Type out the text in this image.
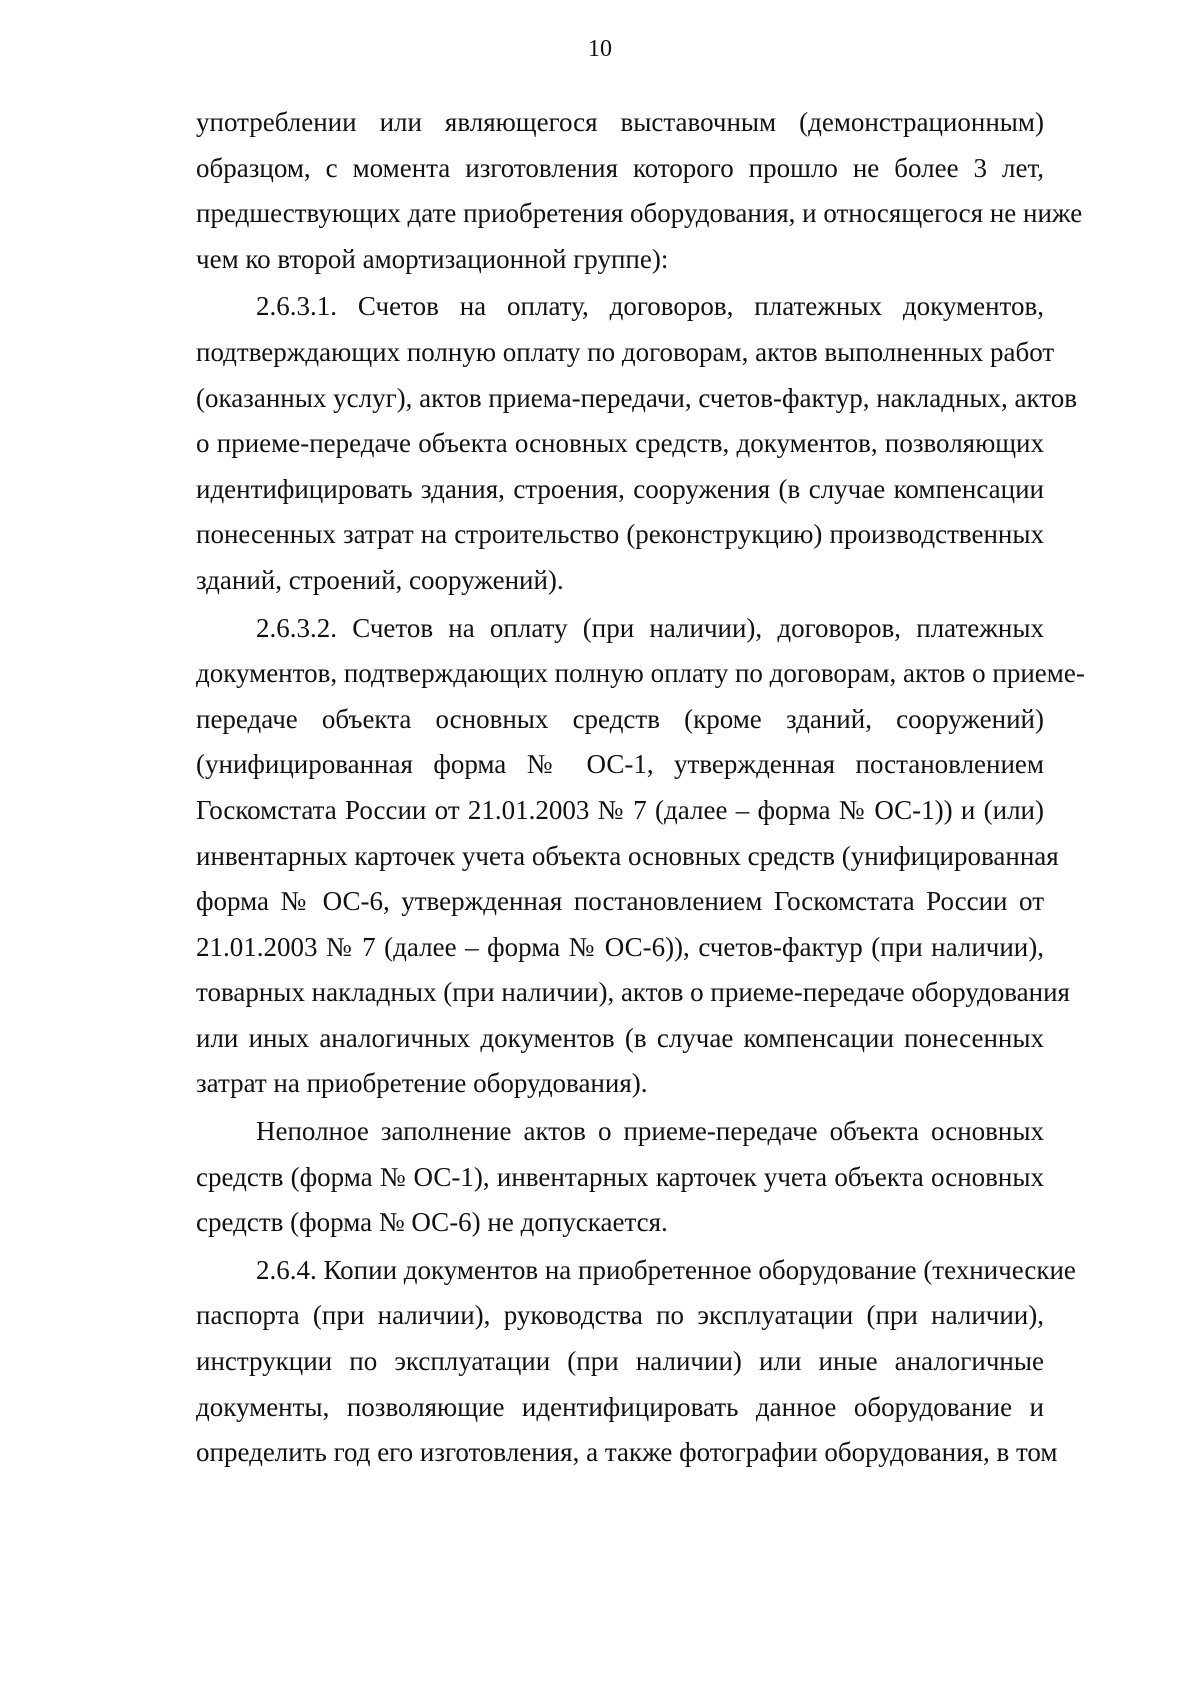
10
употреблении или являющегося выставочным (демонстрационным)
образцом, с момента изготовления которого прошло не более 3 лет,
предшествующих дате приобретения оборудования, и относящегося не ниже
чем ко второй амортизационной группе):
2.6.3.1. Счетов на оплату, договоров, платежных документов,
подтверждающих полную оплату по договорам, актов выполненных работ
(оказанных услуг), актов приема-передачи, счетов-фактур, накладных, актов
о приеме-передаче объекта основных средств, документов, позволяющих
идентифицировать здания, строения, сооружения (в случае компенсации
понесенных затрат на строительство (реконструкцию) производственных
зданий, строений, сооружений).
2.6.3.2. Счетов на оплату (при наличии), договоров, платежных
документов, подтверждающих полную оплату по договорам, актов о приеме-
передаче объекта основных средств (кроме зданий, сооружений)
(унифицированная форма № ОС-1, утвержденная постановлением
Госкомстата России от 21.01.2003 № 7 (далее – форма № ОС-1)) и (или)
инвентарных карточек учета объекта основных средств (унифицированная
форма № ОС-6, утвержденная постановлением Госкомстата России от
21.01.2003 № 7 (далее – форма № ОС-6)), счетов-фактур (при наличии),
товарных накладных (при наличии), актов о приеме-передаче оборудования
или иных аналогичных документов (в случае компенсации понесенных
затрат на приобретение оборудования).
Неполное заполнение актов о приеме-передаче объекта основных
средств (форма № ОС-1), инвентарных карточек учета объекта основных
средств (форма № ОС-6) не допускается.
2.6.4. Копии документов на приобретенное оборудование (технические
паспорта (при наличии), руководства по эксплуатации (при наличии),
инструкции по эксплуатации (при наличии) или иные аналогичные
документы, позволяющие идентифицировать данное оборудование и
определить год его изготовления, а также фотографии оборудования, в том
